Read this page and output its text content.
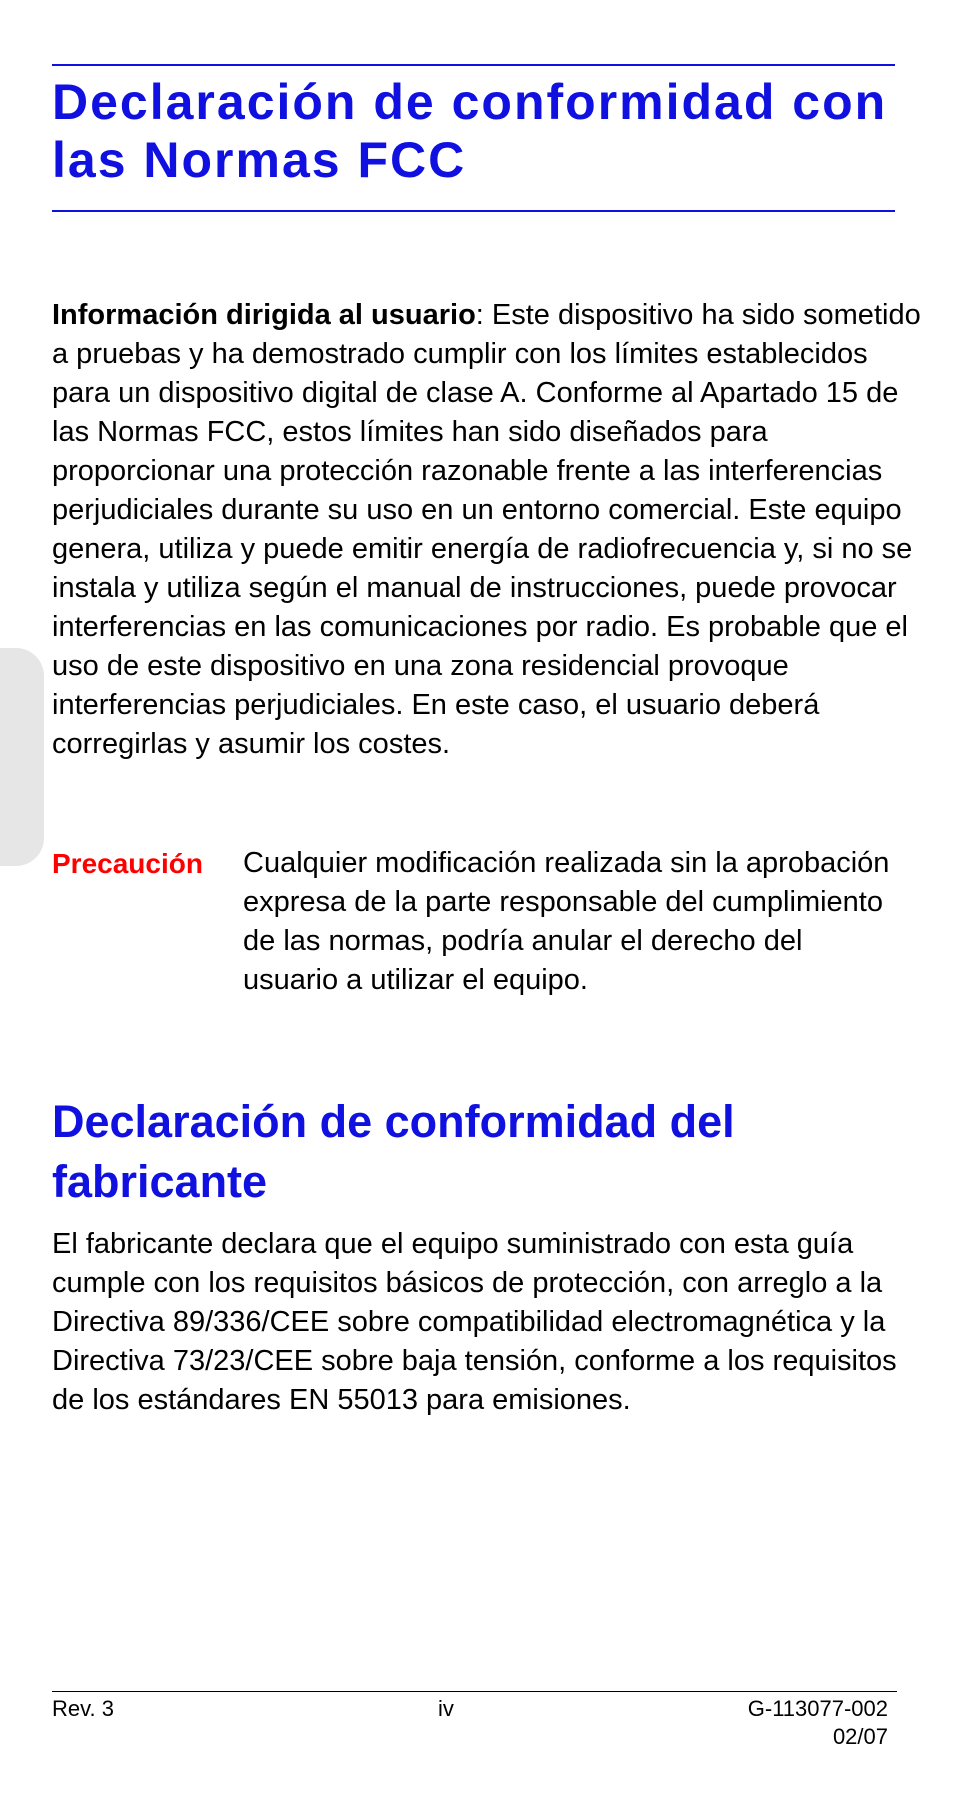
Declaración de conformidad con
las Normas FCC

Información dirigida al usuario: Este dispositivo ha sido sometido a pruebas y ha demostrado cumplir con los límites establecidos para un dispositivo digital de clase A. Conforme al Apartado 15 de las Normas FCC, estos límites han sido diseñados para proporcionar una protección razonable frente a las interferencias perjudiciales durante su uso en un entorno comercial. Este equipo genera, utiliza y puede emitir energía de radiofrecuencia y, si no se instala y utiliza según el manual de instrucciones, puede provocar interferencias en las comunicaciones por radio. Es probable que el uso de este dispositivo en una zona residencial provoque interferencias perjudiciales. En este caso, el usuario deberá corregirlas y asumir los costes.

Precaución Cualquier modificación realizada sin la aprobación expresa de la parte responsable del cumplimiento de las normas, podría anular el derecho del usuario a utilizar el equipo.

Declaración de conformidad del
fabricante

El fabricante declara que el equipo suministrado con esta guía cumple con los requisitos básicos de protección, con arreglo a la Directiva 89/336/CEE sobre compatibilidad electromagnética y la Directiva 73/23/CEE sobre baja tensión, conforme a los requisitos de los estándares EN 55013 para emisiones.

Rev. 3	iv	G-113077-002
02/07
